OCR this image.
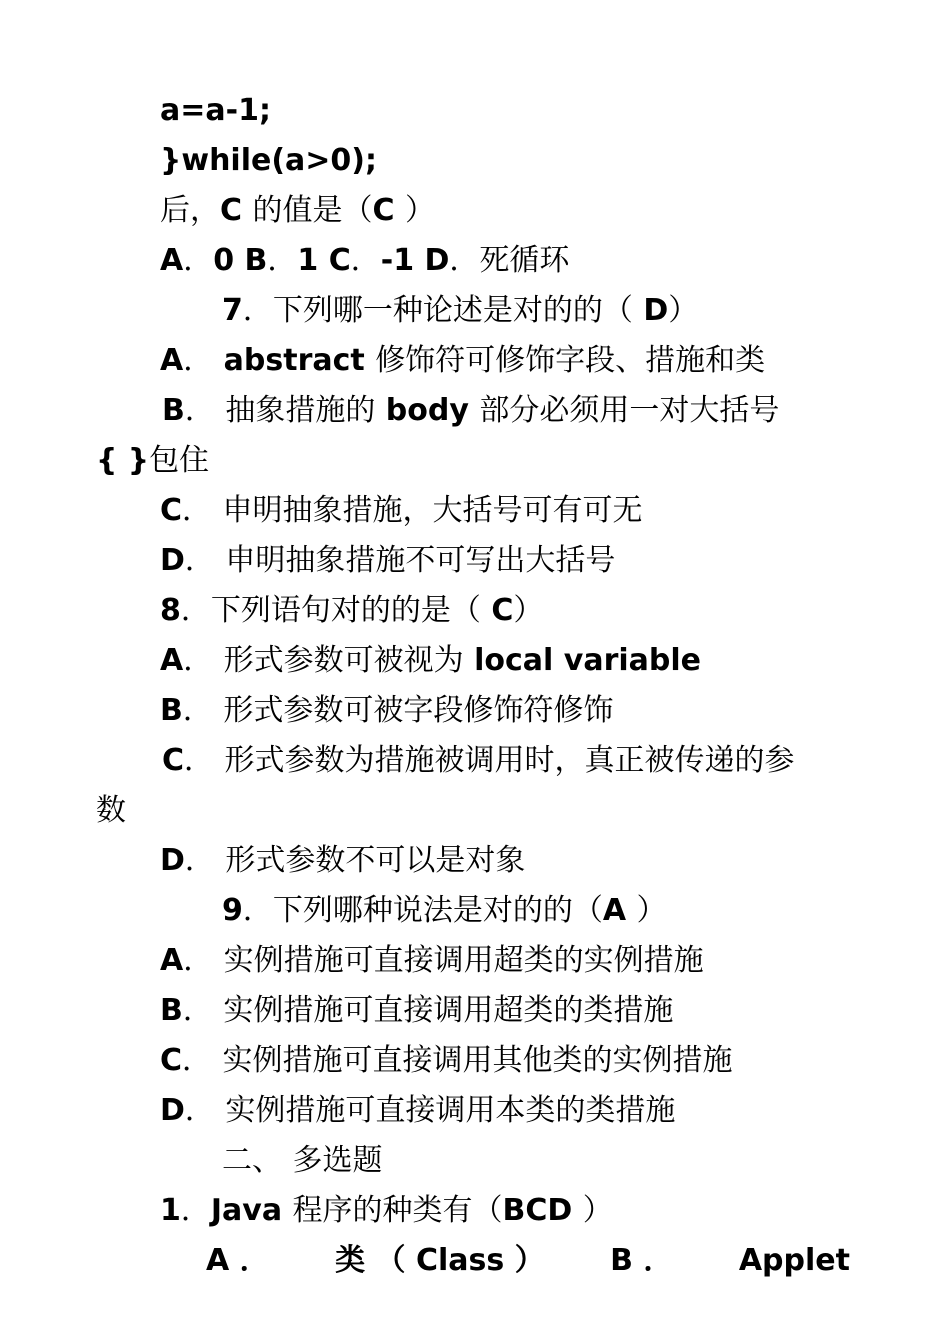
a=a-1;
}while(a>0);
后，C 的值是（C ）
A．0 B．1 C．-1 D．死循环
7．下列哪一种论述是对的的（ D）
A． abstract 修饰符可修饰字段、措施和类
B． 抽象措施的 body 部分必须用一对大括号
{ }包住
C． 申明抽象措施，大括号可有可无
D． 申明抽象措施不可写出大括号
8．下列语句对的的是（ C）
A． 形式参数可被视为 local variable
B． 形式参数可被字段修饰符修饰
C． 形式参数为措施被调用时，真正被传递的参
数
D． 形式参数不可以是对象
9．下列哪种说法是对的的（A ）
A． 实例措施可直接调用超类的实例措施
B． 实例措施可直接调用超类的类措施
C． 实例措施可直接调用其他类的实例措施
D． 实例措施可直接调用本类的类措施
二、 多选题
1．Java 程序的种类有（BCD ）
A ． 类 （ Class ） B ． Applet
